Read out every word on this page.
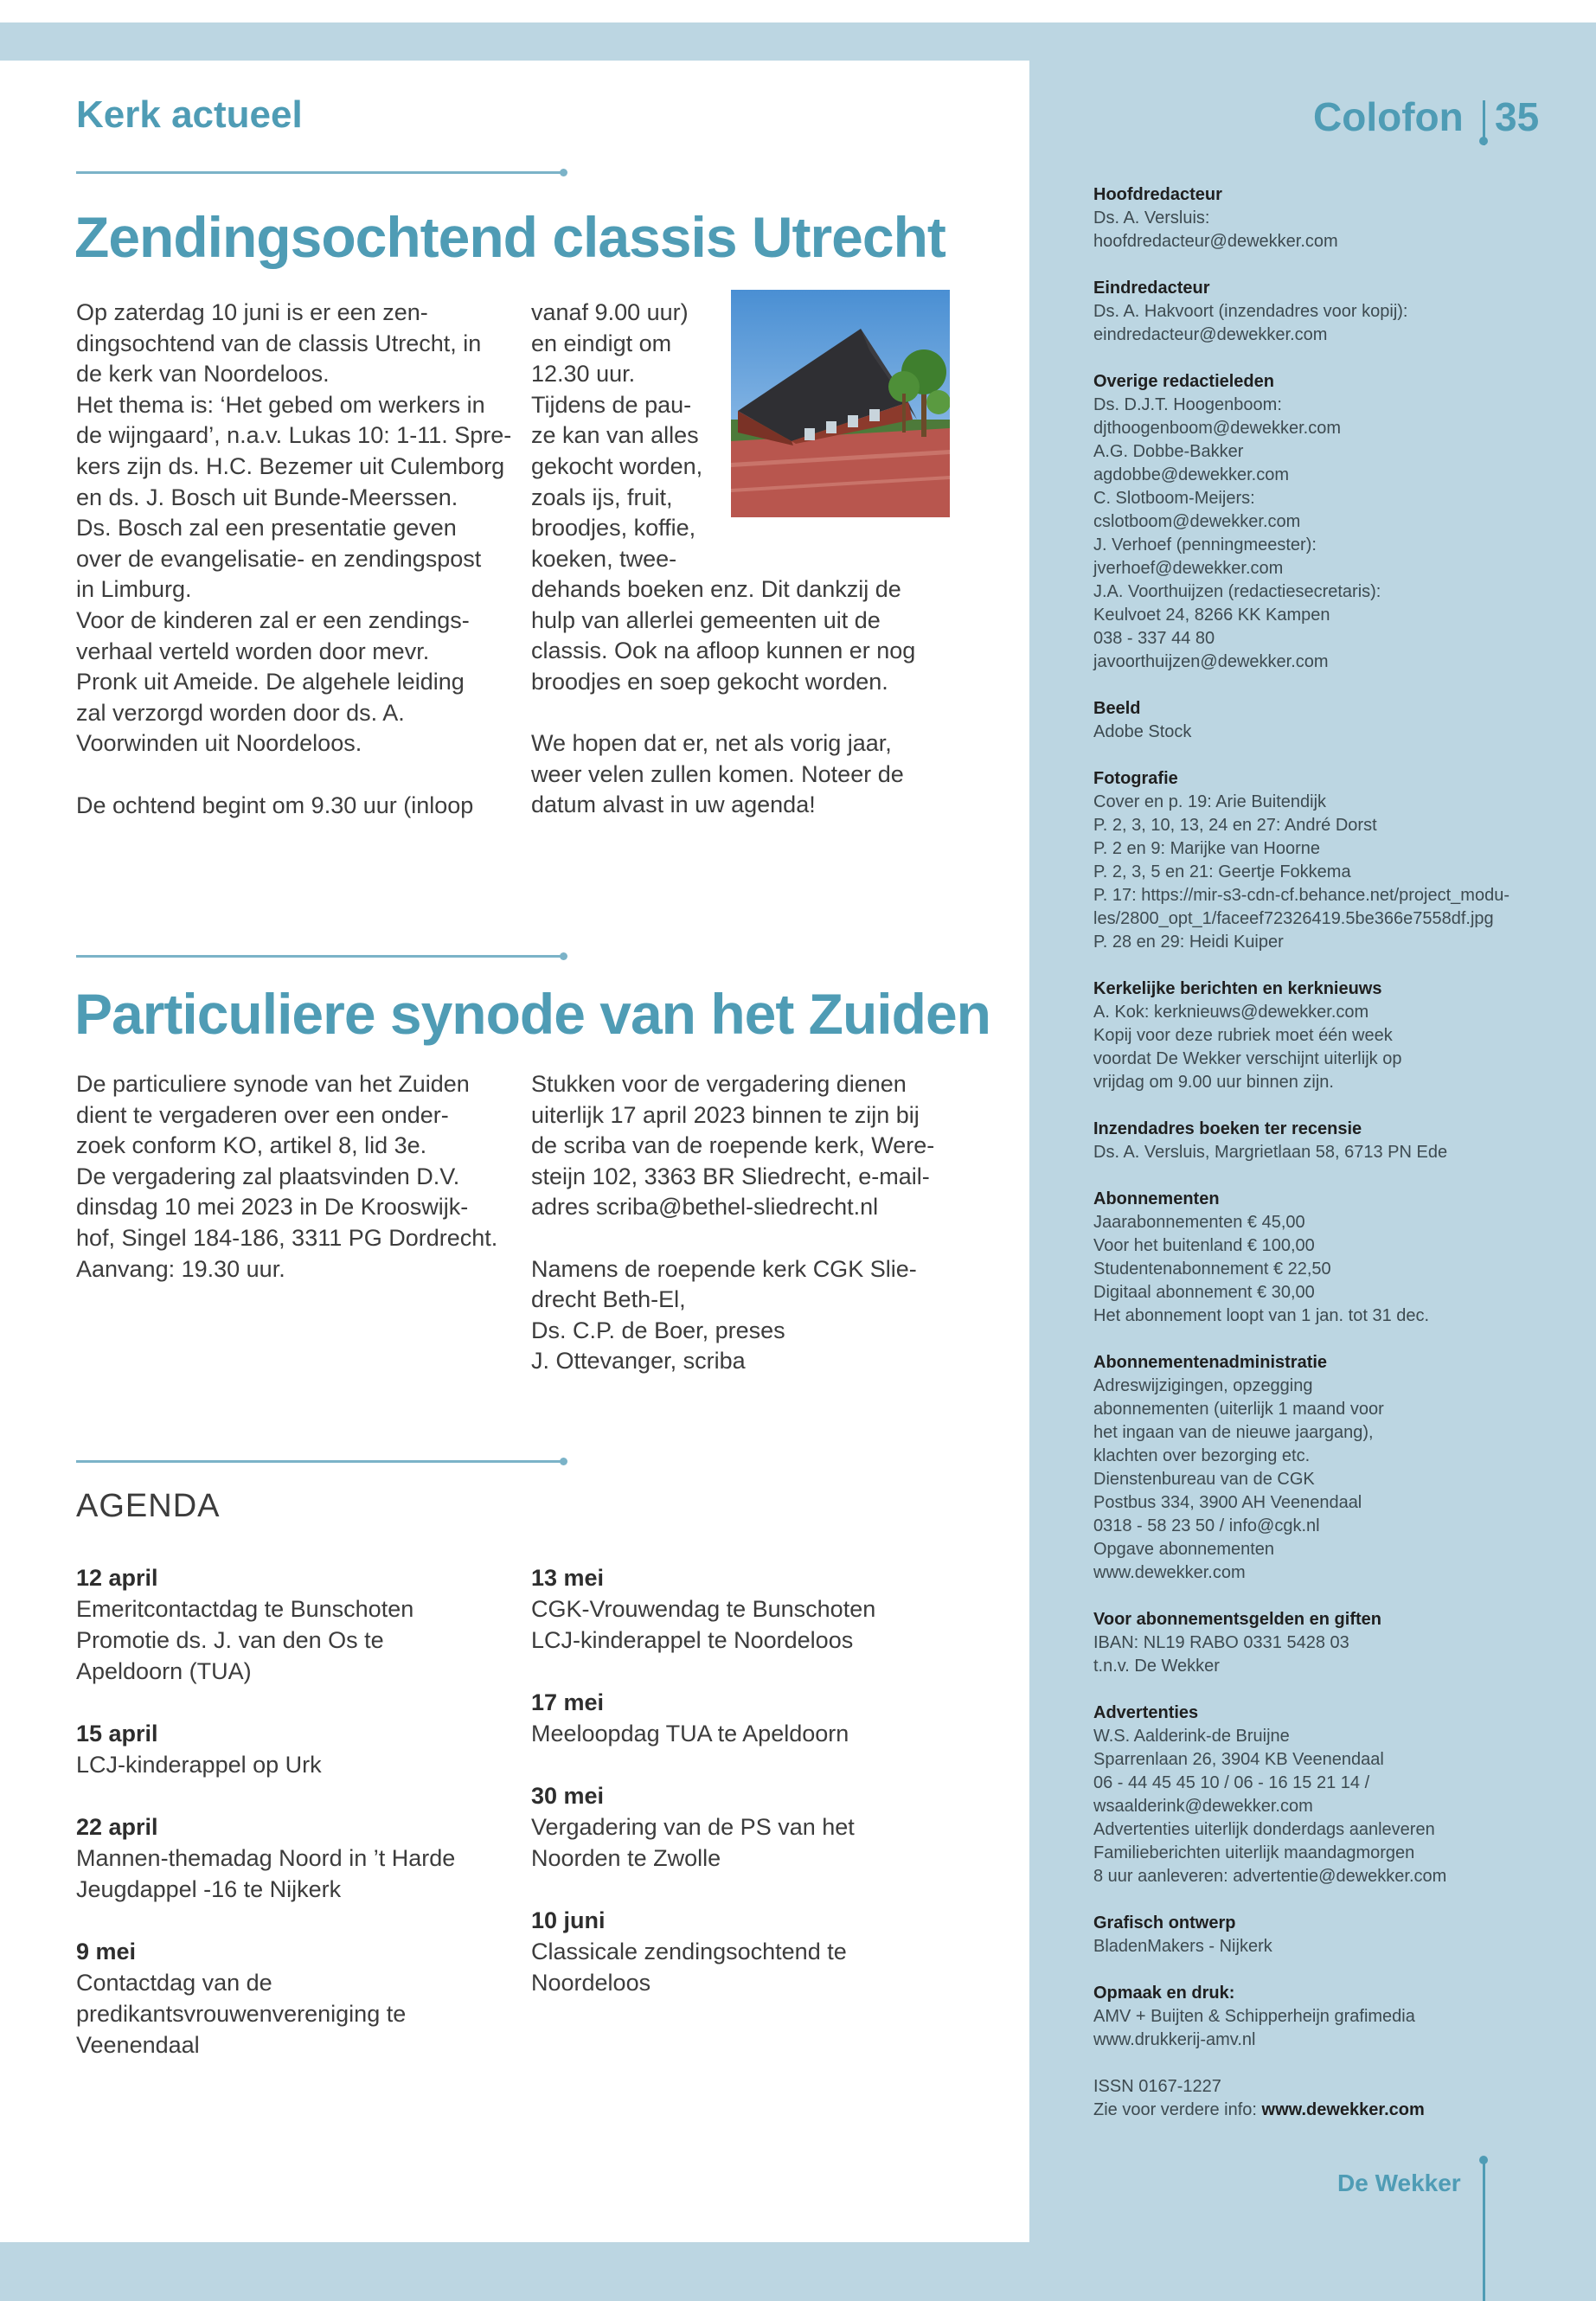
Kerk actueel
Zendingsochtend classis Utrecht

Op zaterdag 10 juni is er een zen-
dingsochtend van de classis Utrecht, in
de kerk van Noordeloos.
Het thema is: ‘Het gebed om werkers in
de wijngaard’, n.a.v. Lukas 10: 1-11. Spre-
kers zijn ds. H.C. Bezemer uit Culemborg
en ds. J. Bosch uit Bunde-Meerssen.
Ds. Bosch zal een presentatie geven
over de evangelisatie- en zendingspost
in Limburg.
Voor de kinderen zal er een zendings-
verhaal verteld worden door mevr.
Pronk uit Ameide. De algehele leiding
zal verzorgd worden door ds. A.
Voorwinden uit Noordeloos.

De ochtend begint om 9.30 uur (inloop

vanaf 9.00 uur)
en eindigt om
12.30 uur.
Tijdens de pau-
ze kan van alles
gekocht worden,
zoals ijs, fruit,
broodjes, koffie,
koeken, twee-

dehands boeken enz. Dit dankzij de
hulp van allerlei gemeenten uit de
classis. Ook na afloop kunnen er nog
broodjes en soep gekocht worden.

We hopen dat er, net als vorig jaar,
weer velen zullen komen. Noteer de
datum alvast in uw agenda!

Particuliere synode van het Zuiden

De particuliere synode van het Zuiden
dient te vergaderen over een onder-
zoek conform KO, artikel 8, lid 3e.
De vergadering zal plaatsvinden D.V.
dinsdag 10 mei 2023 in De Krooswijk-
hof, Singel 184-186, 3311 PG Dordrecht.
Aanvang: 19.30 uur.

Stukken voor de vergadering dienen
uiterlijk 17 april 2023 binnen te zijn bij
de scriba van de roepende kerk, Were-
steijn 102, 3363 BR Sliedrecht, e-mail-
adres scriba@bethel-sliedrecht.nl

Namens de roepende kerk CGK Slie-
drecht Beth-El,
Ds. C.P. de Boer, preses
J. Ottevanger, scriba

AGENDA
12 april
Emeritcontactdag te Bunschoten
Promotie ds. J. van den Os te
Apeldoorn (TUA)
15 april
LCJ-kinderappel op Urk
22 april
Mannen-themadag Noord in ’t Harde
Jeugdappel -16 te Nijkerk
9 mei
Contactdag van de
predikantsvrouwenvereniging te
Veenendaal
13 mei
CGK-Vrouwendag te Bunschoten
LCJ-kinderappel te Noordeloos
17 mei
Meeloopdag TUA te Apeldoorn
30 mei
Vergadering van de PS van het
Noorden te Zwolle
10 juni
Classicale zendingsochtend te
Noordeloos
Colofon 35
Hoofdredacteur
Ds. A. Versluis:
hoofdredacteur@dewekker.com
Eindredacteur
Ds. A. Hakvoort (inzendadres voor kopij):
eindredacteur@dewekker.com
Overige redactieleden
Ds. D.J.T. Hoogenboom:
djthoogenboom@dewekker.com
A.G. Dobbe-Bakker
agdobbe@dewekker.com
C. Slotboom-Meijers:
cslotboom@dewekker.com
J. Verhoef (penningmeester):
jverhoef@dewekker.com
J.A. Voorthuijzen (redactiesecretaris):
Keulvoet 24, 8266 KK Kampen
038 - 337 44 80
javoorthuijzen@dewekker.com
Beeld
Adobe Stock
Fotografie
Cover en p. 19: Arie Buitendijk
P. 2, 3, 10, 13, 24 en 27: André Dorst
P. 2 en 9: Marijke van Hoorne
P. 2, 3, 5 en 21: Geertje Fokkema
P. 17: https://mir-s3-cdn-cf.behance.net/project_modu-
les/2800_opt_1/faceef72326419.5be366e7558df.jpg
P. 28 en 29: Heidi Kuiper
Kerkelijke berichten en kerknieuws
A. Kok: kerknieuws@dewekker.com
Kopij voor deze rubriek moet één week
voordat De Wekker verschijnt uiterlijk op
vrijdag om 9.00 uur binnen zijn.
Inzendadres boeken ter recensie
Ds. A. Versluis, Margrietlaan 58, 6713 PN Ede
Abonnementen
Jaarabonnementen € 45,00
Voor het buitenland € 100,00
Studentenabonnement € 22,50
Digitaal abonnement € 30,00
Het abonnement loopt van 1 jan. tot 31 dec.
Abonnementenadministratie
Adreswijzigingen, opzegging
abonnementen (uiterlijk 1 maand voor
het ingaan van de nieuwe jaargang),
klachten over bezorging etc.
Dienstenbureau van de CGK
Postbus 334, 3900 AH Veenendaal
0318 - 58 23 50 / info@cgk.nl
Opgave abonnementen
www.dewekker.com
Voor abonnementsgelden en giften
IBAN: NL19 RABO 0331 5428 03
t.n.v. De Wekker
Advertenties
W.S. Aalderink-de Bruijne
Sparrenlaan 26, 3904 KB Veenendaal
06 - 44 45 45 10 / 06 - 16 15 21 14 /
wsaalderink@dewekker.com
Advertenties uiterlijk donderdags aanleveren
Familieberichten uiterlijk maandagmorgen
8 uur aanleveren: advertentie@dewekker.com
Grafisch ontwerp
BladenMakers - Nijkerk
Opmaak en druk:
AMV + Buijten & Schipperheijn grafimedia
www.drukkerij-amv.nl
ISSN 0167-1227
Zie voor verdere info: www.dewekker.com

De Wekker
